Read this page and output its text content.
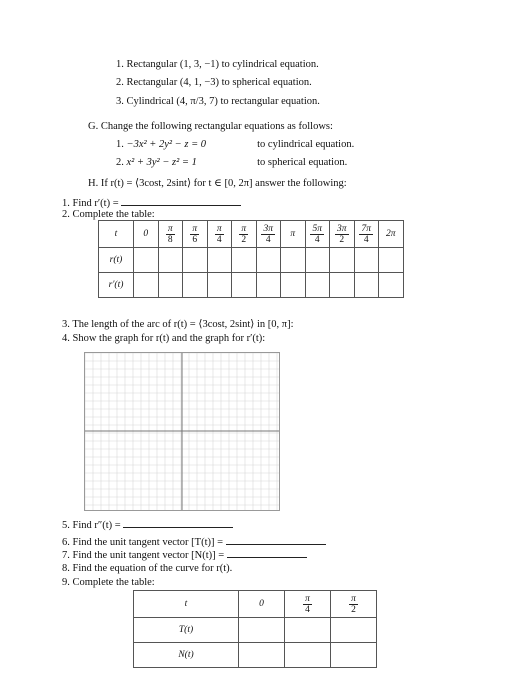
1. Rectangular (1, 3, −1) to cylindrical equation.
2. Rectangular (4, 1, −3) to spherical equation.
3. Cylindrical (4, π/3, 7) to rectangular equation.
G. Change the following rectangular equations as follows:
1. −3x² + 2y² − z = 0	to cylindrical equation.
2. x² + 3y² − z² = 1	to spherical equation.
H. If r(t) = ⟨3cost, 2sint⟩ for t ∈ [0, 2π] answer the following:
1. Find r′(t) =
2. Complete the table:
t	0	$\frac{\pi}{8}$	$\frac{\pi}{6}$	$\frac{\pi}{4}$	$\frac{\pi}{2}$	$\frac{3\pi}{4}$	π	$\frac{5\pi}{4}$	$\frac{3\pi}{2}$	$\frac{7\pi}{4}$	2π
r(t)											
r′(t)											
3. The length of the arc of r(t) = ⟨3cost, 2sint⟩ in [0, π]:
4. Show the graph for r(t) and the graph for r′(t):
5. Find r″(t) =
6. Find the unit tangent vector [T(t)] =
7. Find the unit tangent vector [N(t)] =
8. Find the equation of the curve for r(t).
9. Complete the table:
t	0	$\frac{\pi}{4}$	$\frac{\pi}{2}$

T(t)			
N(t)			
